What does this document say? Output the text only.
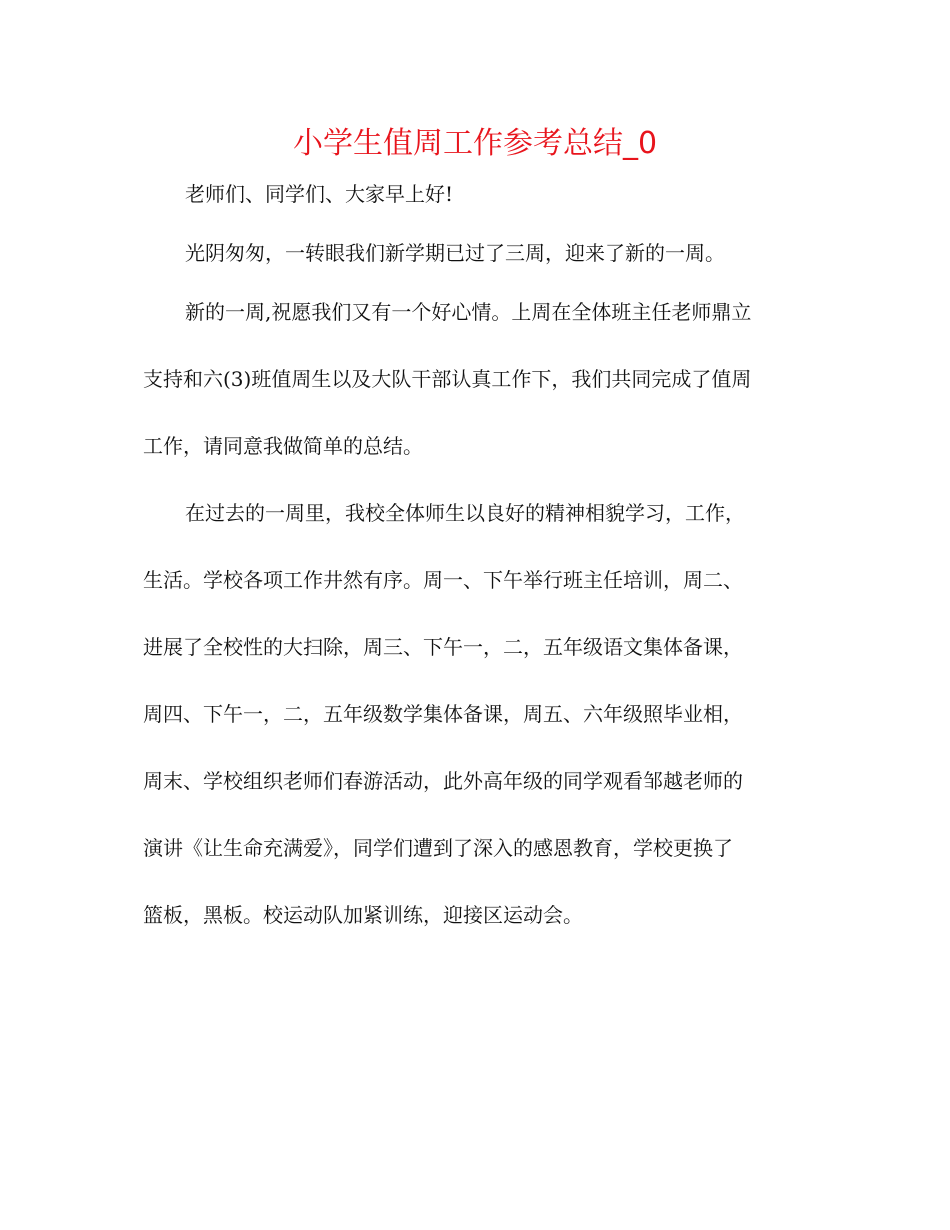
小学生值周工作参考总结_0

老师们、同学们、大家早上好!

光阴匆匆，一转眼我们新学期已过了三周，迎来了新的一周。

新的一周,祝愿我们又有一个好心情。上周在全体班主任老师鼎立
支持和六(3)班值周生以及大队干部认真工作下，我们共同完成了值周
工作，请同意我做简单的总结。
在过去的一周里，我校全体师生以良好的精神相貌学习，工作，
生活。学校各项工作井然有序。周一、下午举行班主任培训，周二、
进展了全校性的大扫除，周三、下午一，二，五年级语文集体备课，
周四、下午一，二，五年级数学集体备课，周五、六年级照毕业相，
周末、学校组织老师们春游活动，此外高年级的同学观看邹越老师的
演讲《让生命充满爱》，同学们遭到了深入的感恩教育，学校更换了
篮板，黑板。校运动队加紧训练，迎接区运动会。
